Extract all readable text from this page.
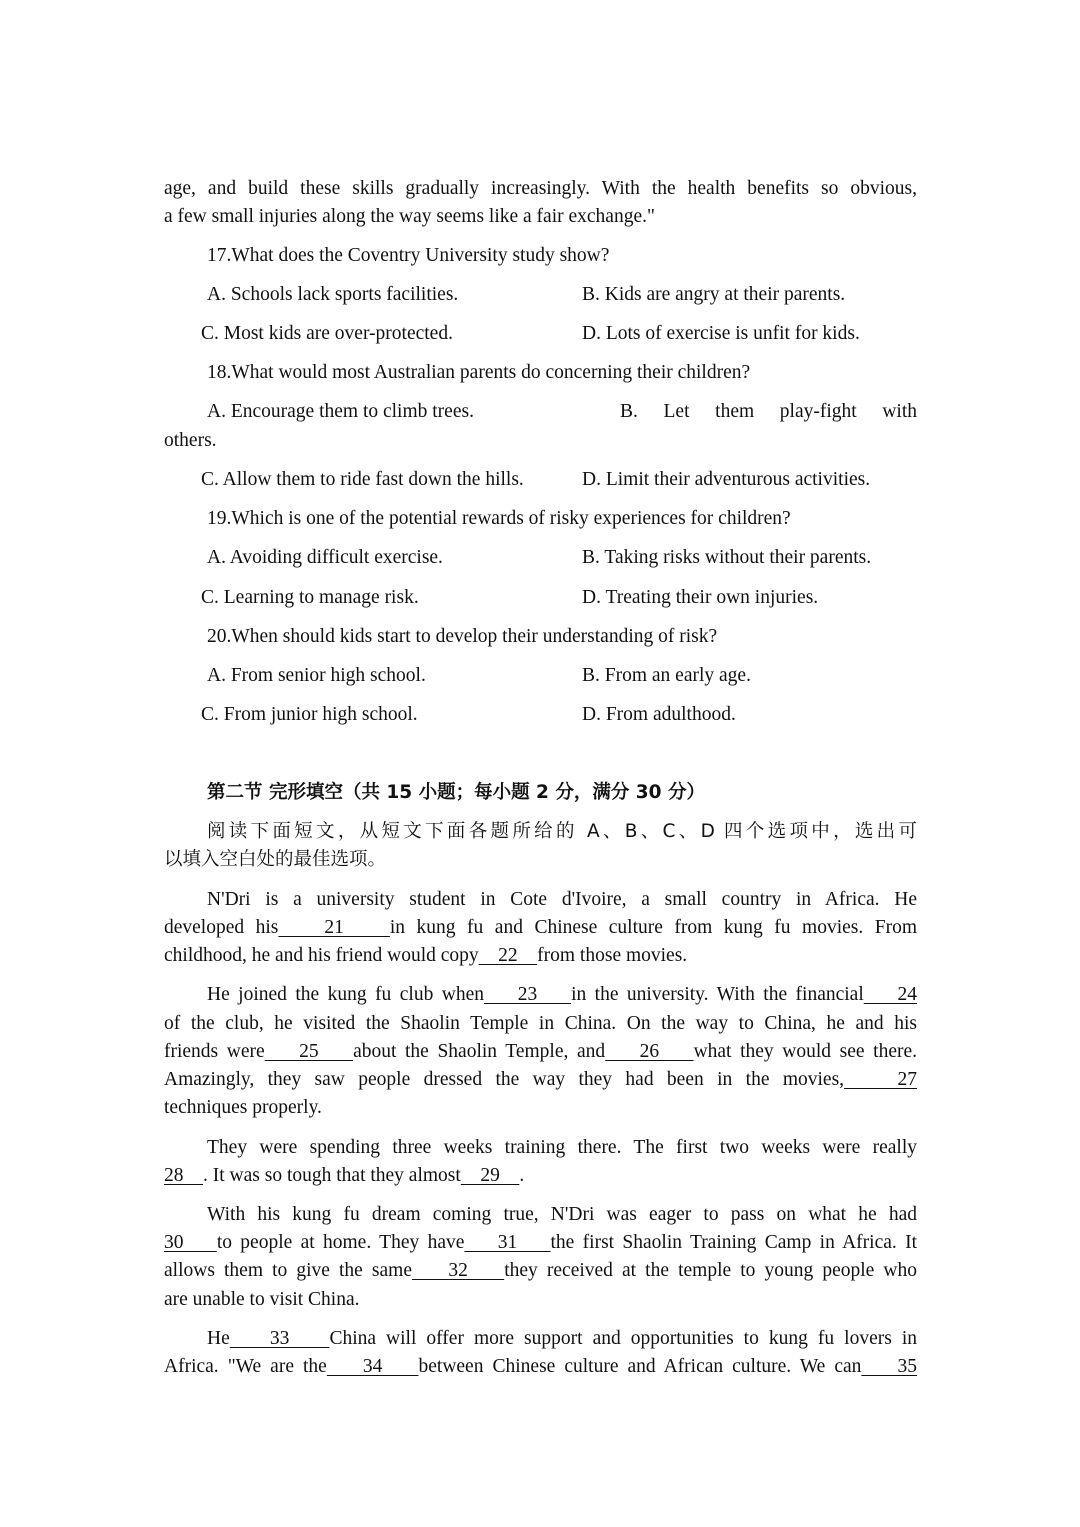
age, and build these skills gradually increasingly. With the health benefits so obvious,
a few small injuries along the way seems like a fair exchange."
17.What does the Coventry University study show?
A. Schools lack sports facilities.	B. Kids are angry at their parents.
C. Most kids are over-protected.	D. Lots of exercise is unfit for kids.
18.What would most Australian parents do concerning their children?
A. Encourage them to climb trees.	B. Let them play-fight with
others.
C. Allow them to ride fast down the hills.	D. Limit their adventurous activities.
19.Which is one of the potential rewards of risky experiences for children?
A. Avoiding difficult exercise.	B. Taking risks without their parents.
C. Learning to manage risk.	D. Treating their own injuries.
20.When should kids start to develop their understanding of risk?
A. From senior high school.	B. From an early age.
C. From junior high school.	D. From adulthood.
第二节 完形填空（共 15 小题；每小题 2 分，满分 30 分）
阅读下面短文，从短文下面各题所给的 A、B、C、D 四个选项中，选出可
以填入空白处的最佳选项。
N'Dri is a university student in Cote d'Ivoire, a small country in Africa. He
developed his    21    in kung fu and Chinese culture from kung fu movies. From
childhood, he and his friend would copy    22    from those movies.
He joined the kung fu club when    23    in the university. With the financial    24
of the club, he visited the Shaolin Temple in China. On the way to China, he and his
friends were    25    about the Shaolin Temple, and    26    what they would see there.
Amazingly, they saw people dressed the way they had been in the movies,    27
techniques properly.
They were spending three weeks training there. The first two weeks were really
28    . It was so tough that they almost    29    .
With his kung fu dream coming true, N'Dri was eager to pass on what he had
30    to people at home. They have    31    the first Shaolin Training Camp in Africa. It
allows them to give the same    32    they received at the temple to young people who
are unable to visit China.
He    33    China will offer more support and opportunities to kung fu lovers in
Africa. "We are the    34    between Chinese culture and African culture. We can    35
